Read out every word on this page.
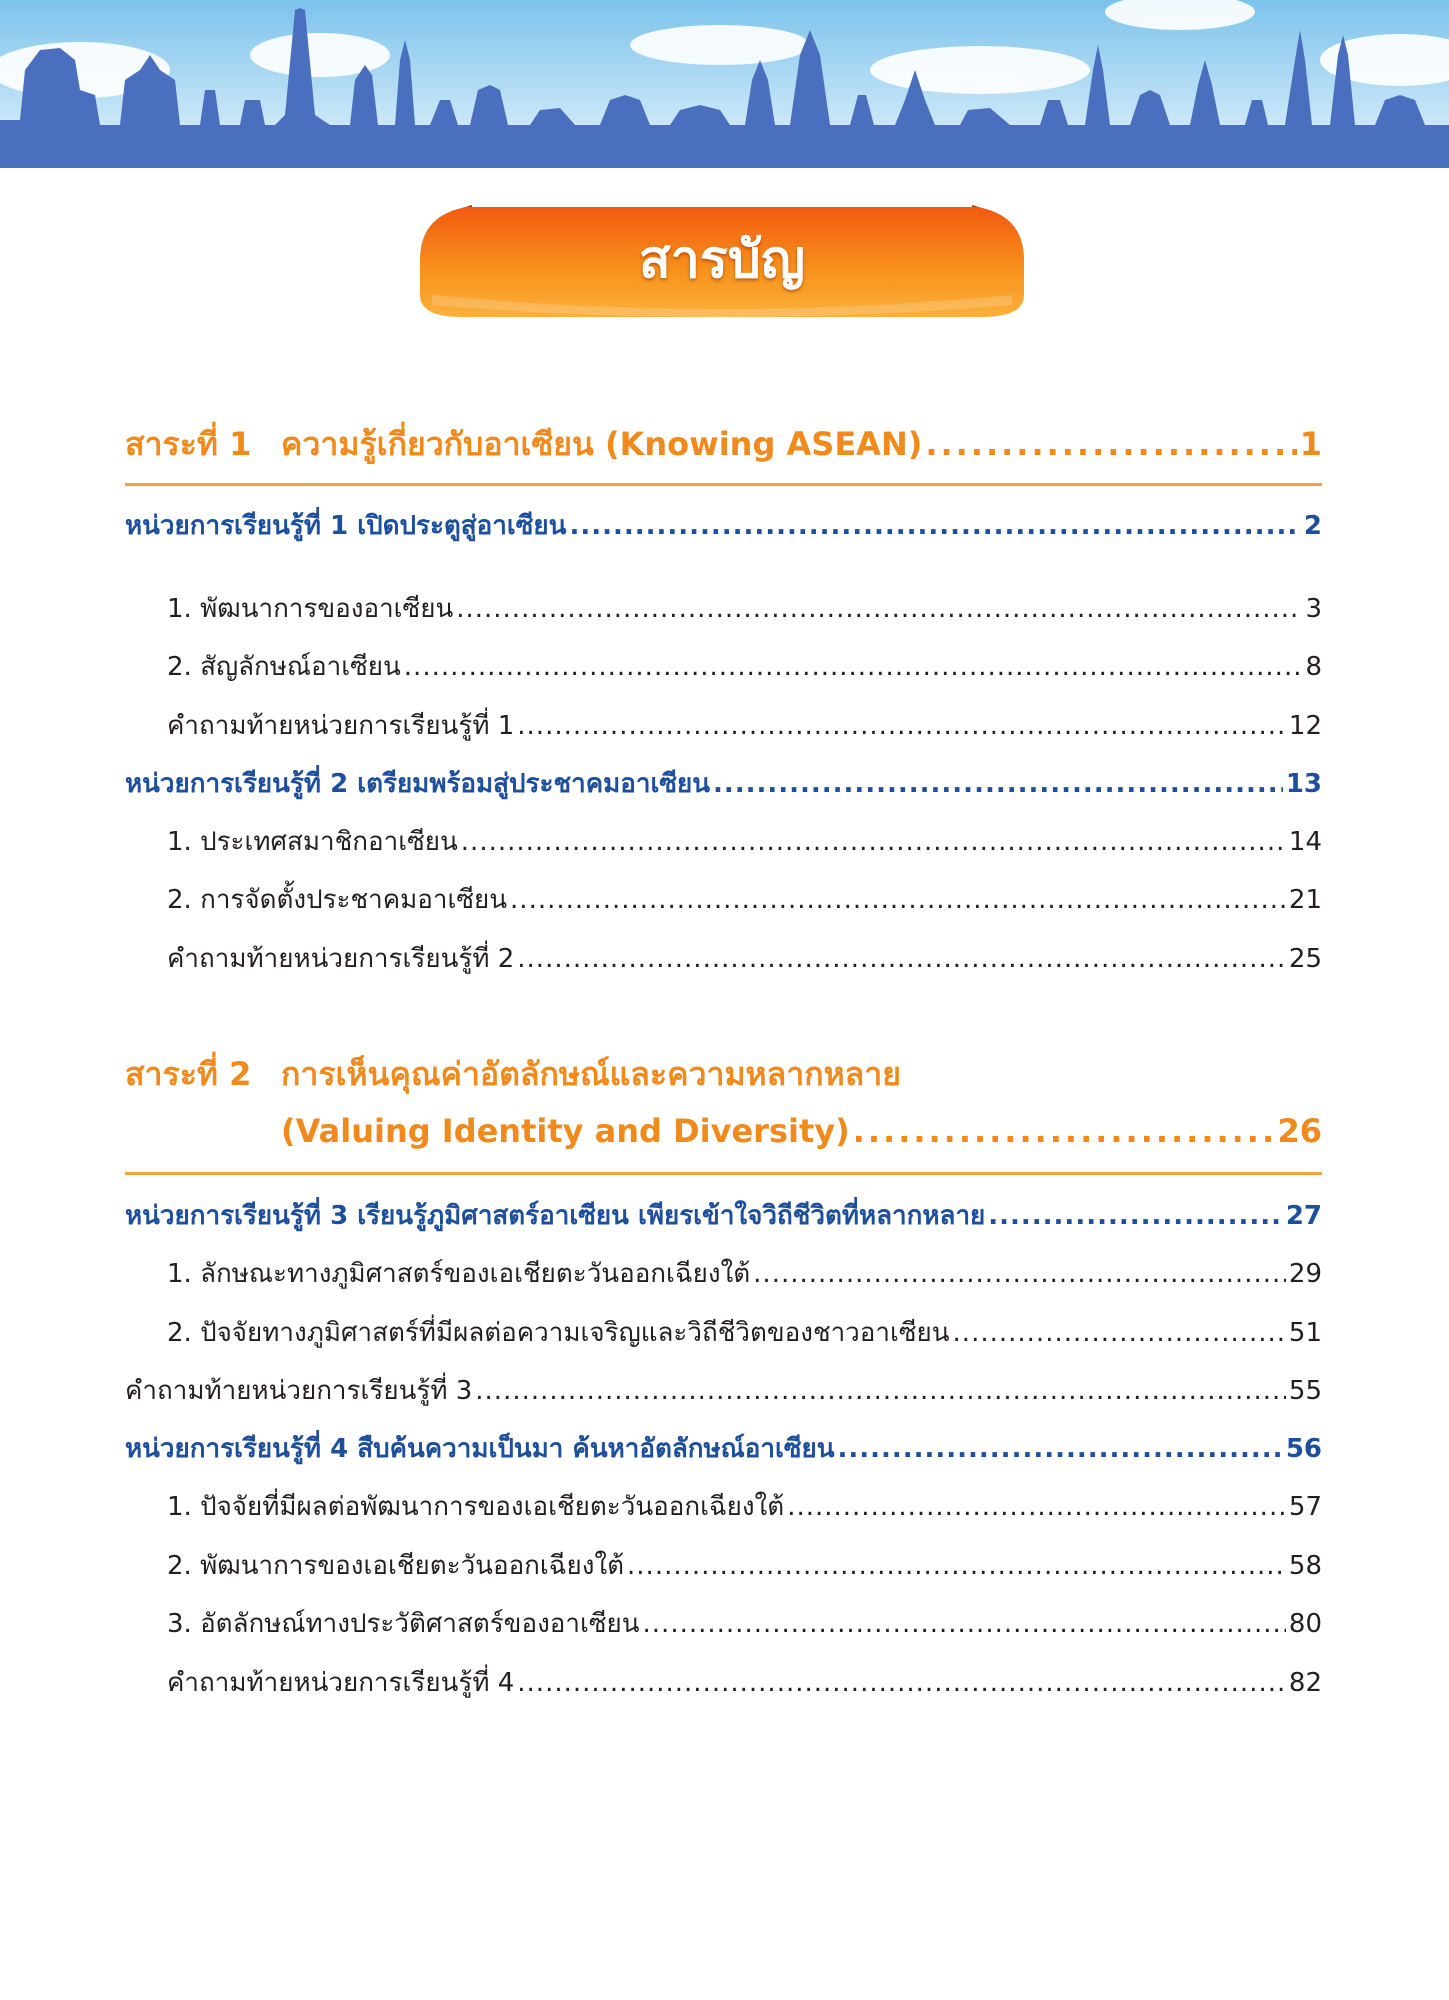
สารบัญ
สาระที่ 1 ความรู้เกี่ยวกับอาเซียน (Knowing ASEAN) .....	1
หน่วยการเรียนรู้ที่ 1 เปิดประตูสู่อาเซียน .....	2
1. พัฒนาการของอาเซียน .....	3
2. สัญลักษณ์อาเซียน .....	8
คำถามท้ายหน่วยการเรียนรู้ที่ 1 .....	12
หน่วยการเรียนรู้ที่ 2 เตรียมพร้อมสู่ประชาคมอาเซียน .....	13
1. ประเทศสมาชิกอาเซียน .....	14
2. การจัดตั้งประชาคมอาเซียน .....	21
คำถามท้ายหน่วยการเรียนรู้ที่ 2 .....	25
สาระที่ 2 การเห็นคุณค่าอัตลักษณ์และความหลากหลาย
(Valuing Identity and Diversity) .....	26
หน่วยการเรียนรู้ที่ 3 เรียนรู้ภูมิศาสตร์อาเซียน เพียรเข้าใจวิถีชีวิตที่หลากหลาย .....	27
1. ลักษณะทางภูมิศาสตร์ของเอเชียตะวันออกเฉียงใต้ .....	29
2. ปัจจัยทางภูมิศาสตร์ที่มีผลต่อความเจริญและวิถีชีวิตของชาวอาเซียน .....	51
คำถามท้ายหน่วยการเรียนรู้ที่ 3 .....	55
หน่วยการเรียนรู้ที่ 4 สืบค้นความเป็นมา ค้นหาอัตลักษณ์อาเซียน .....	56
1. ปัจจัยที่มีผลต่อพัฒนาการของเอเชียตะวันออกเฉียงใต้ .....	57
2. พัฒนาการของเอเชียตะวันออกเฉียงใต้ .....	58
3. อัตลักษณ์ทางประวัติศาสตร์ของอาเซียน .....	80
คำถามท้ายหน่วยการเรียนรู้ที่ 4 .....	82
